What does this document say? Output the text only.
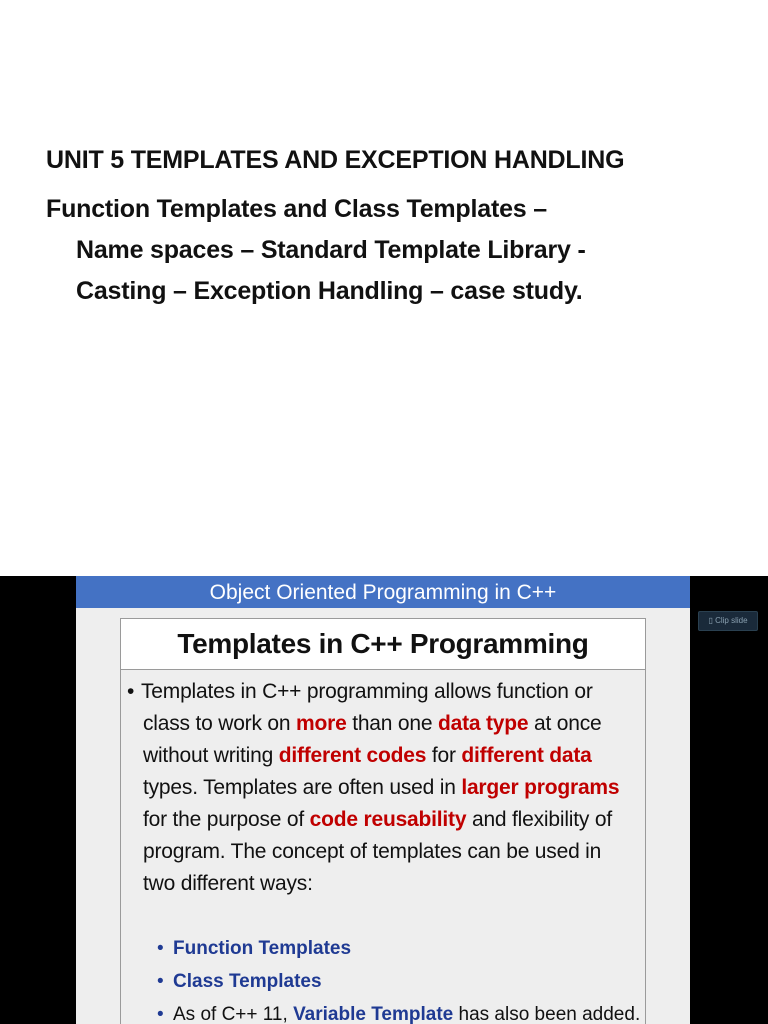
UNIT 5 TEMPLATES AND EXCEPTION HANDLING
Function Templates and Class Templates –
Name spaces – Standard Template Library -
Casting – Exception Handling – case study.
Object Oriented Programming in C++
Templates in C++ Programming
• Templates in C++ programming allows function or
class to work on more than one data type at once
without writing different codes for different data
types. Templates are often used in larger programs
for the purpose of code reusability and flexibility of
program. The concept of templates can be used in
two different ways:
• Function Templates
• Class Templates
• As of C++ 11, Variable Template has also been added.
▯ Clip slide
